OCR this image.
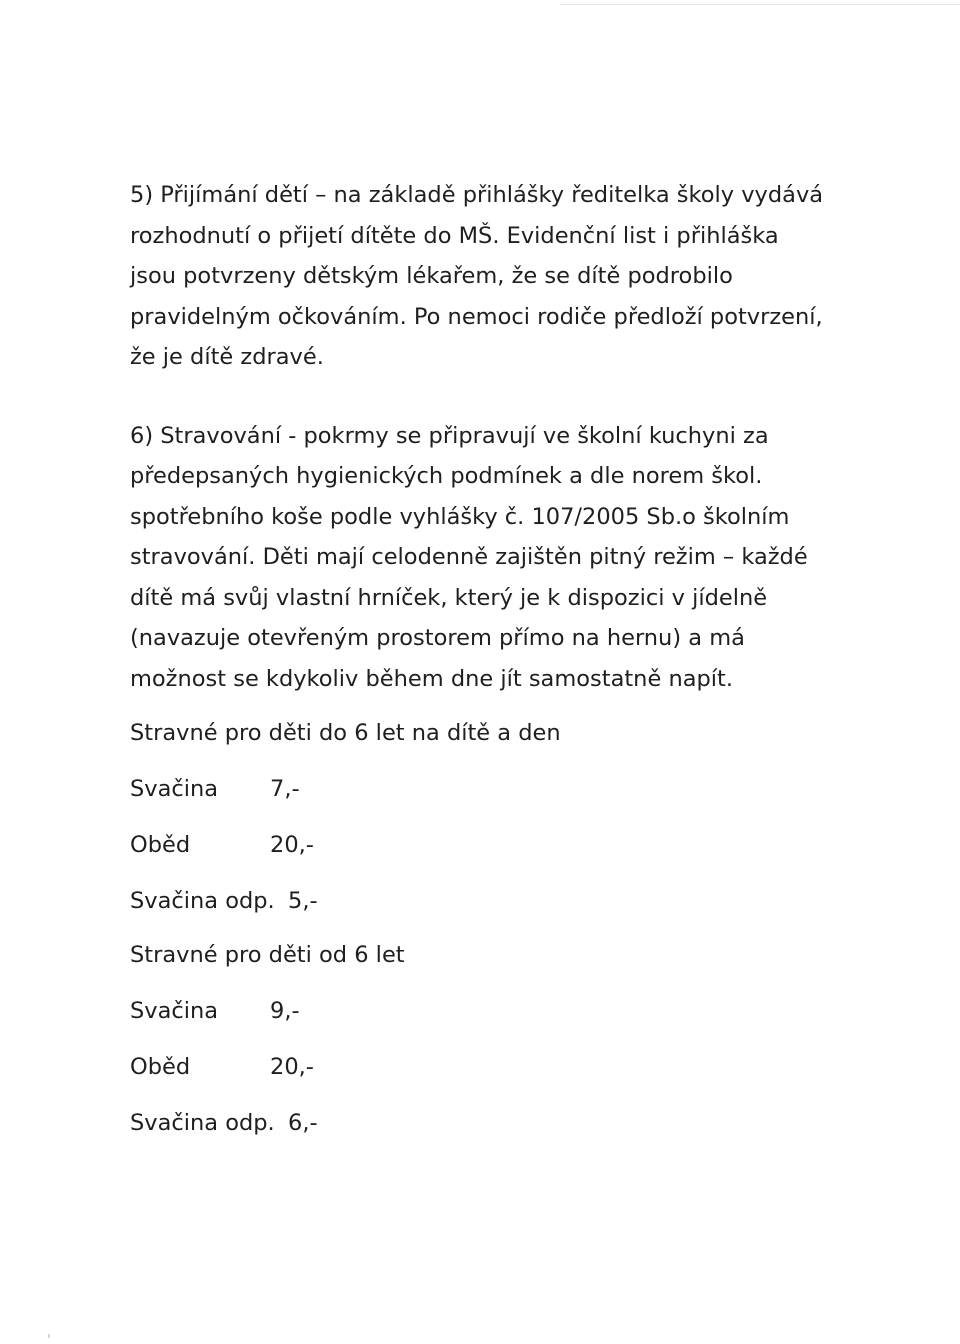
5) Přijímání dětí – na základě přihlášky ředitelka školy vydává
rozhodnutí o přijetí dítěte do MŠ. Evidenční list i přihláška
jsou potvrzeny dětským lékařem, že se dítě podrobilo
pravidelným očkováním. Po nemoci rodiče předloží potvrzení,
že je dítě zdravé.

6) Stravování - pokrmy se připravují ve školní kuchyni za
předepsaných hygienických podmínek a dle norem škol.
spotřebního koše podle vyhlášky č. 107/2005 Sb.o školním
stravování. Děti mají celodenně zajištěn pitný režim – každé
dítě má svůj vlastní hrníček, který je k dispozici v jídelně
(navazuje otevřeným prostorem přímo na hernu) a má
možnost se kdykoliv během dne jít samostatně napít.

Stravné pro děti do 6 let na dítě a den
Svačina	7,-
Oběd	20,-
Svačina odp. 5,-
Stravné pro děti od 6 let
Svačina	9,-
Oběd	20,-
Svačina odp. 6,-
